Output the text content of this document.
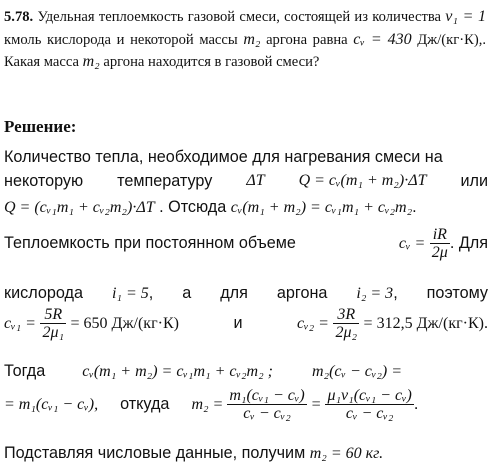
5.78. Удельная теплоемкость газовой смеси, состоящей из количества ν₁ = 1 кмоль кислорода и некоторой массы m₂ аргона равна cᵥ = 430 Дж/(кг·К),. Какая масса m₂ аргона находится в газовой смеси?
Решение:
Количество тепла, необходимое для нагревания смеси на
некоторую температуру ΔT Q = cᵥ(m₁ + m₂)·ΔT или
Q = (cᵥ₁m₁ + cᵥ₂m₂)·ΔT . Отсюда cᵥ(m₁ + m₂) = cᵥ₁m₁ + cᵥ₂m₂.
Теплоемкость при постоянном объеме	cᵥ = $\frac{iR}{2\mu}$ . Для
кислорода i₁ = 5, а для аргона i₂ = 3, поэтому
cᵥ₁ = $\frac{5R}{\text{2μ₁}} = 650$ Дж/(кг·К)	и	cᵥ₂ = $\frac{3R}{\text{2μ₂}} = 312,5$ Дж/(кг·К).
Тогда cᵥ(m₁ + m₂) = cᵥ₁m₁ + cᵥ₂m₂ ; m₂(cᵥ − cᵥ₂) =
= m₁(cᵥ₁ − cᵥ), откуда $m_2 = \frac{\text{m₁(cᵥ₁ − cᵥ)}}{\text{cᵥ − cᵥ₂}} = \frac{\text{μ₁ν₁(cᵥ₁ − cᵥ)}}{\text{cᵥ − cᵥ₂}}$ .
Подставляя числовые данные, получим m₂ = 60 кг.
